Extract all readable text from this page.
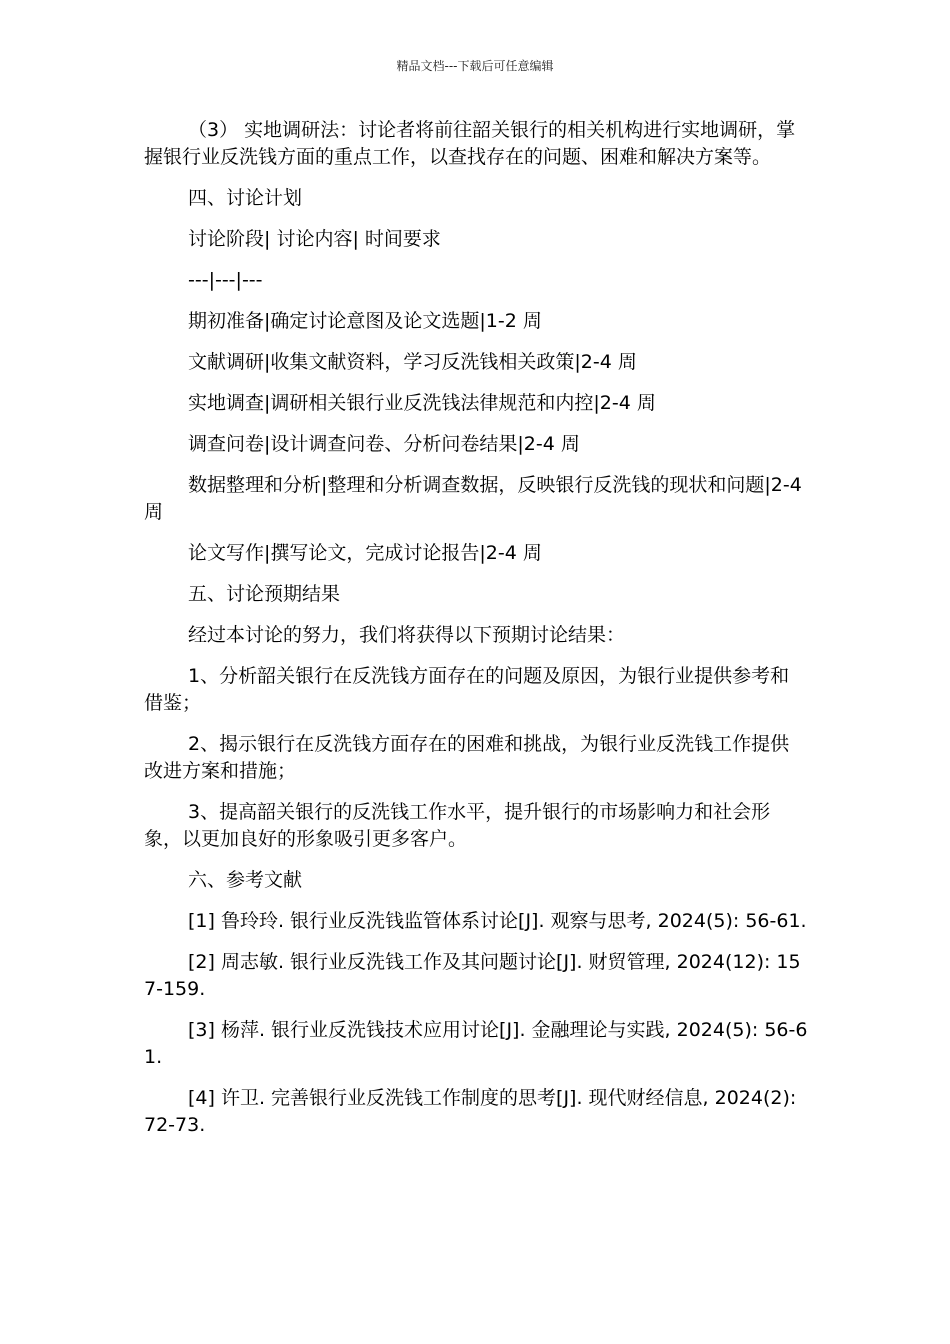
精品文档---下载后可任意编辑

（3） 实地调研法：讨论者将前往韶关银行的相关机构进行实地调研，掌握银行业反洗钱方面的重点工作，以查找存在的问题、困难和解决方案等。

四、讨论计划

讨论阶段| 讨论内容| 时间要求

---|---|---

期初准备|确定讨论意图及论文选题|1-2 周

文献调研|收集文献资料，学习反洗钱相关政策|2-4 周

实地调查|调研相关银行业反洗钱法律规范和内控|2-4 周

调查问卷|设计调查问卷、分析问卷结果|2-4 周

数据整理和分析|整理和分析调查数据，反映银行反洗钱的现状和问题|2-4 周

论文写作|撰写论文，完成讨论报告|2-4 周

五、讨论预期结果

经过本讨论的努力，我们将获得以下预期讨论结果：

1、分析韶关银行在反洗钱方面存在的问题及原因，为银行业提供参考和借鉴；

2、揭示银行在反洗钱方面存在的困难和挑战，为银行业反洗钱工作提供改进方案和措施；

3、提高韶关银行的反洗钱工作水平，提升银行的市场影响力和社会形象，以更加良好的形象吸引更多客户。

六、参考文献

[1] 鲁玲玲. 银行业反洗钱监管体系讨论[J]. 观察与思考, 2024(5): 56-61.

[2] 周志敏. 银行业反洗钱工作及其问题讨论[J]. 财贸管理, 2024(12): 157-159.

[3] 杨萍. 银行业反洗钱技术应用讨论[J]. 金融理论与实践, 2024(5): 56-61.

[4] 许卫. 完善银行业反洗钱工作制度的思考[J]. 现代财经信息, 2024(2): 72-73.
